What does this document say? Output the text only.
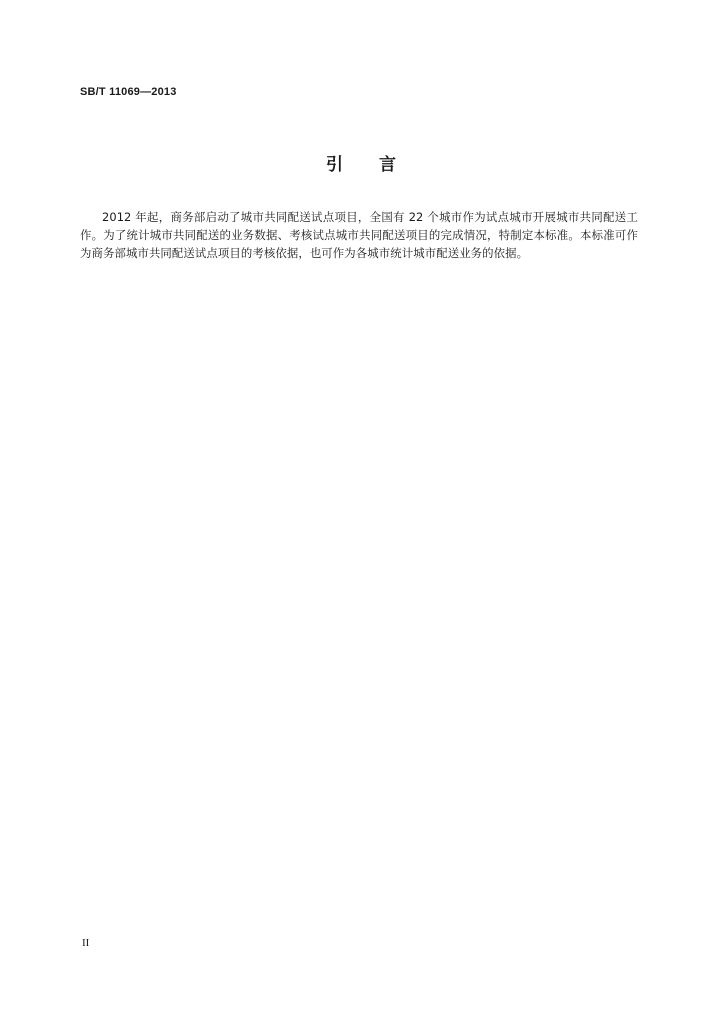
SB/T 11069—2013
引言
2012 年起，商务部启动了城市共同配送试点项目，全国有 22 个城市作为试点城市开展城市共同配送工作。为了统计城市共同配送的业务数据、考核试点城市共同配送项目的完成情况，特制定本标准。本标准可作为商务部城市共同配送试点项目的考核依据，也可作为各城市统计城市配送业务的依据。
II
